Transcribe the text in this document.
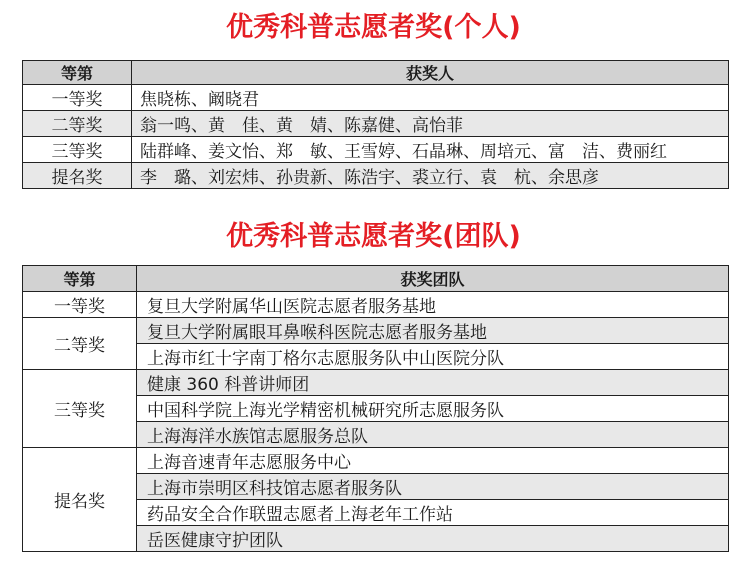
优秀科普志愿者奖(个人)
等第	获奖人
一等奖	焦晓栋、阚晓君
二等奖	翁一鸣、黄　佳、黄　婧、陈嘉健、高怡菲
三等奖	陆群峰、姜文怡、郑　敏、王雪婷、石晶琳、周培元、富　洁、费丽红
提名奖	李　璐、刘宏炜、孙贵新、陈浩宇、裘立行、袁　杭、余思彦
优秀科普志愿者奖(团队)
等第	获奖团队
一等奖	复旦大学附属华山医院志愿者服务基地
二等奖	复旦大学附属眼耳鼻喉科医院志愿者服务基地
	上海市红十字南丁格尔志愿服务队中山医院分队
三等奖	健康 360 科普讲师团
	中国科学院上海光学精密机械研究所志愿服务队
	上海海洋水族馆志愿服务总队
提名奖	上海音速青年志愿服务中心
	上海市崇明区科技馆志愿者服务队
	药品安全合作联盟志愿者上海老年工作站
	岳医健康守护团队
